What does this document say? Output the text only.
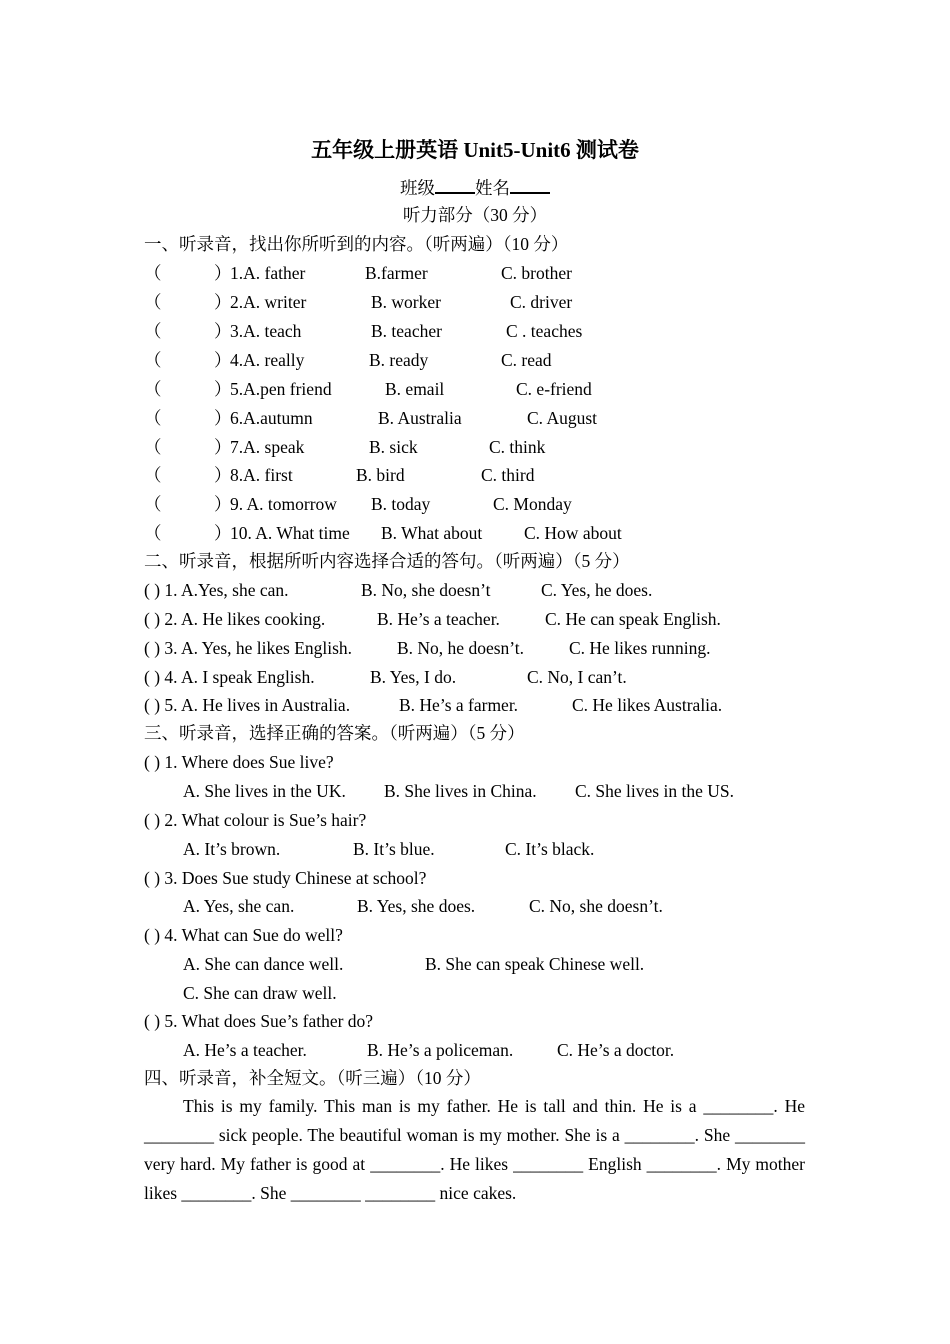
五年级上册英语 Unit5-Unit6 测试卷
班级 姓名
听力部分（30 分）
一、听录音，找出你所听到的内容。（听两遍）（10 分）
（　　　）
1.A. father	B.farmer	C. brother
（　　　）
2.A. writer	B. worker	C. driver
（　　　）
3.A. teach	B. teacher	C . teaches
（　　　）
4.A. really	B. ready	C. read
（　　　）
5.A.pen friend	B. email	C. e-friend
（　　　）
6.A.autumn	B. Australia	C. August
（　　　）
7.A. speak	B. sick	C. think
（　　　）
8.A. first	B. bird	C. third
（　　　）
9. A. tomorrow B. today	C. Monday
（　　　）
10. A. What time B. What about C. How about
二、听录音，根据所听内容选择合适的答句。（听两遍）（5 分）
( ) 1. A.Yes, she can.	B. No, she doesn’t	C. Yes, he does.
( ) 2. A. He likes cooking.	B. He’s a teacher.	C. He can speak English.
( ) 3. A. Yes, he likes English.	B. No, he doesn’t.	C. He likes running.
( ) 4. A. I speak English.	B. Yes, I do.	C. No, I can’t.
( ) 5. A. He lives in Australia.	B. He’s a farmer.	C. He likes Australia.
三、听录音，选择正确的答案。（听两遍）（5 分）
( ) 1. Where does Sue live?
A. She lives in the UK. B. She lives in China. C. She lives in the US.
( ) 2. What colour is Sue’s hair?
A. It’s brown.	B. It’s blue.	C. It’s black.
( ) 3. Does Sue study Chinese at school?
A. Yes, she can.	B. Yes, she does.	C. No, she doesn’t.
( ) 4. What can Sue do well?
A. She can dance well.	B. She can speak Chinese well.
C. She can draw well.
( ) 5. What does Sue’s father do?
A. He’s a teacher.	B. He’s a policeman. C. He’s a doctor.
四、听录音，补全短文。（听三遍）（10 分）
This is my family. This man is my father. He is tall and thin. He is a ________. He ________ sick people. The beautiful woman is my mother. She is a ________. She ________ very hard. My father is good at ________. He likes ________ English ________. My mother likes ________. She ________ ________ nice cakes.
